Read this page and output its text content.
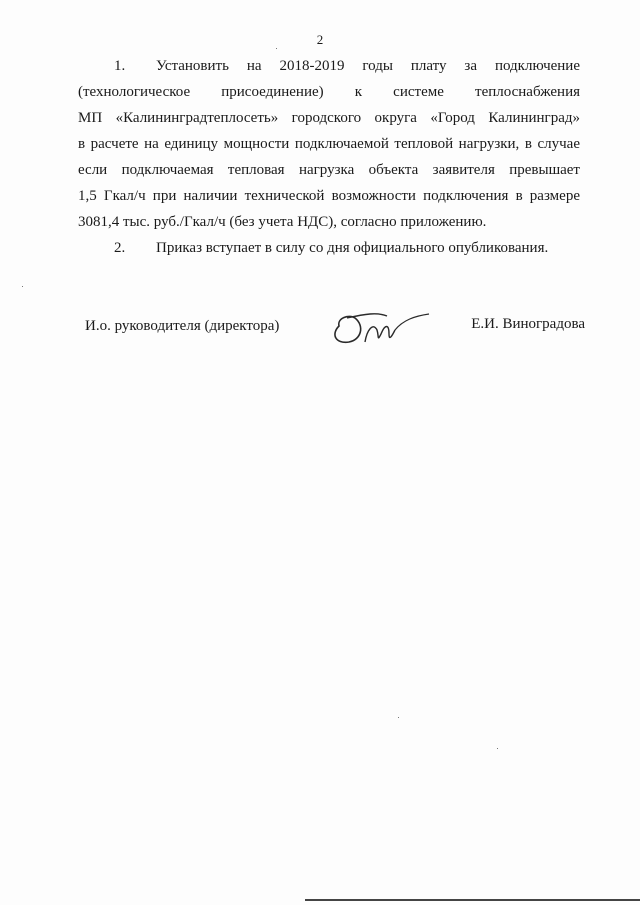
2
1. Установить на 2018-2019 годы плату за подключение
(технологическое присоединение) к системе теплоснабжения
МП «Калининградтеплосеть» городского округа «Город Калининград»
в расчете на единицу мощности подключаемой тепловой нагрузки, в случае
если подключаемая тепловая нагрузка объекта заявителя превышает
1,5 Гкал/ч при наличии технической возможности подключения в размере
3081,4 тыс. руб./Гкал/ч (без учета НДС), согласно приложению.
2. Приказ вступает в силу со дня официального опубликования.
И.о. руководителя (директора)	Е.И. Виноградова
